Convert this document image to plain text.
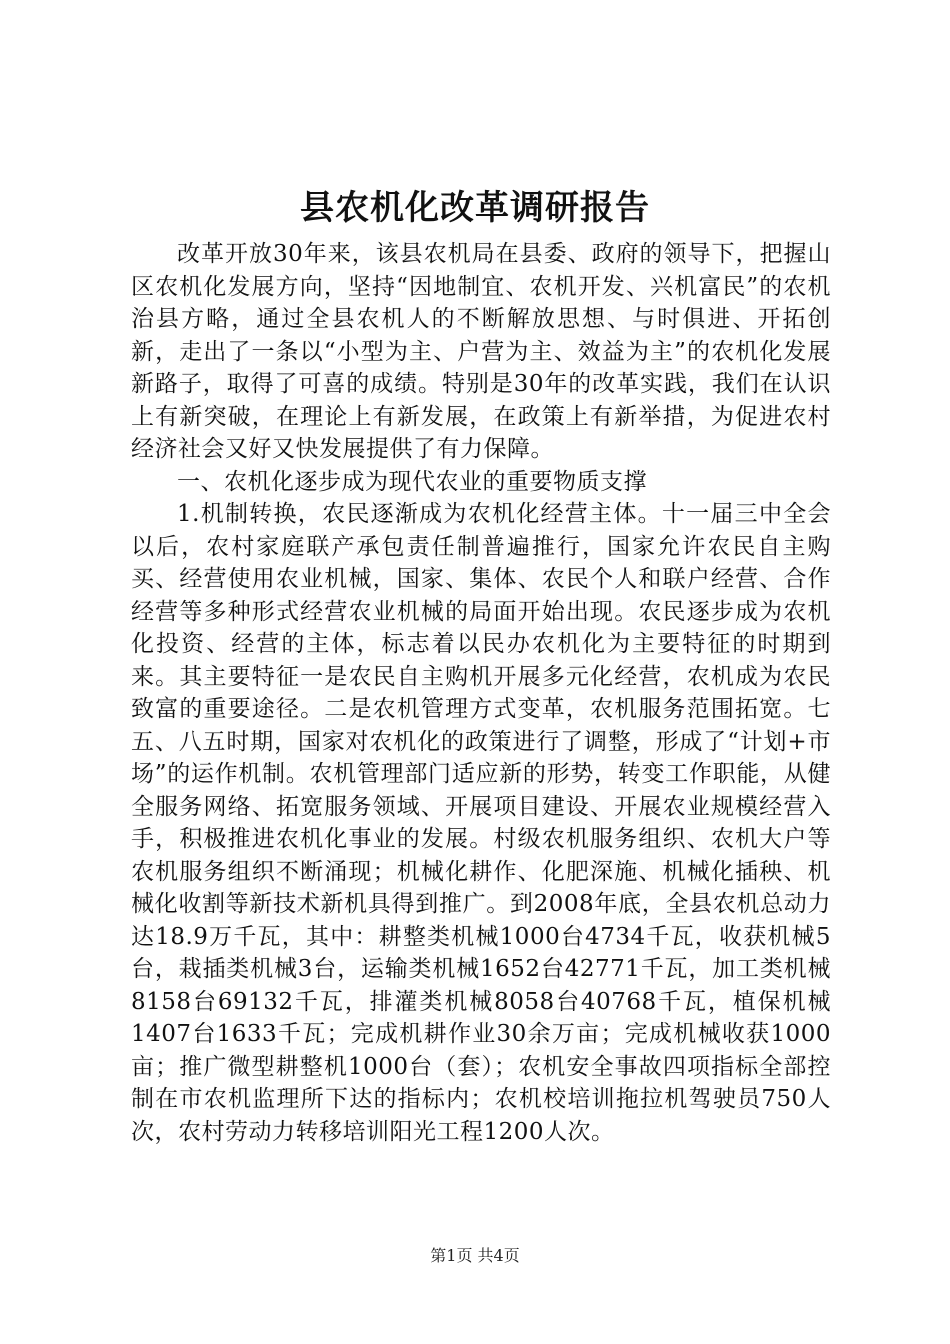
县农机化改革调研报告

改革开放30年来，该县农机局在县委、政府的领导下，把握山区农机化发展方向，坚持“因地制宜、农机开发、兴机富民”的农机治县方略，通过全县农机人的不断解放思想、与时俱进、开拓创新，走出了一条以“小型为主、户营为主、效益为主”的农机化发展新路子，取得了可喜的成绩。特别是30年的改革实践，我们在认识上有新突破，在理论上有新发展，在政策上有新举措，为促进农村经济社会又好又快发展提供了有力保障。

一、农机化逐步成为现代农业的重要物质支撑

1.机制转换，农民逐渐成为农机化经营主体。十一届三中全会以后，农村家庭联产承包责任制普遍推行，国家允许农民自主购买、经营使用农业机械，国家、集体、农民个人和联户经营、合作经营等多种形式经营农业机械的局面开始出现。农民逐步成为农机化投资、经营的主体，标志着以民办农机化为主要特征的时期到来。其主要特征一是农民自主购机开展多元化经营，农机成为农民致富的重要途径。二是农机管理方式变革，农机服务范围拓宽。七五、八五时期，国家对农机化的政策进行了调整，形成了“计划+市场”的运作机制。农机管理部门适应新的形势，转变工作职能，从健全服务网络、拓宽服务领域、开展项目建设、开展农业规模经营入手，积极推进农机化事业的发展。村级农机服务组织、农机大户等农机服务组织不断涌现；机械化耕作、化肥深施、机械化插秧、机械化收割等新技术新机具得到推广。到2008年底，全县农机总动力达18.9万千瓦，其中：耕整类机械1000台4734千瓦，收获机械5台，栽插类机械3台，运输类机械1652台42771千瓦，加工类机械8158台69132千瓦，排灌类机械8058台40768千瓦，植保机械1407台1633千瓦；完成机耕作业30余万亩；完成机械收获1000亩；推广微型耕整机1000台（套）；农机安全事故四项指标全部控制在市农机监理所下达的指标内；农机校培训拖拉机驾驶员750人次，农村劳动力转移培训阳光工程1200人次。

第1页 共4页
